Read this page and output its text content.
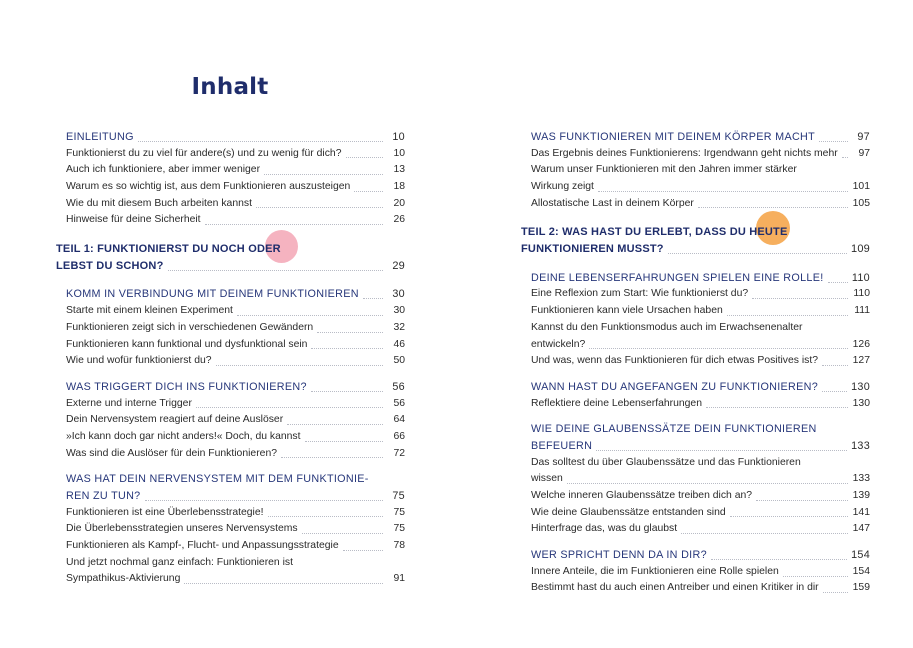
Inhalt
EINLEITUNG	10
Funktionierst du zu viel für andere(s) und zu wenig für dich?	10
Auch ich funktioniere, aber immer weniger	13
Warum es so wichtig ist, aus dem Funktionieren auszusteigen	18
Wie du mit diesem Buch arbeiten kannst	20
Hinweise für deine Sicherheit	26
TEIL 1: FUNKTIONIERST DU NOCH ODER
LEBST DU SCHON?	29
KOMM IN VERBINDUNG MIT DEINEM FUNKTIONIEREN	30
Starte mit einem kleinen Experiment	30
Funktionieren zeigt sich in verschiedenen Gewändern	32
Funktionieren kann funktional und dysfunktional sein	46
Wie und wofür funktionierst du?	50
WAS TRIGGERT DICH INS FUNKTIONIEREN?	56
Externe und interne Trigger	56
Dein Nervensystem reagiert auf deine Auslöser	64
»Ich kann doch gar nicht anders!« Doch, du kannst	66
Was sind die Auslöser für dein Funktionieren?	72
WAS HAT DEIN NERVENSYSTEM MIT DEM FUNKTIONIE-
REN ZU TUN?	75
Funktionieren ist eine Überlebensstrategie!	75
Die Überlebensstrategien unseres Nervensystems	75
Funktionieren als Kampf-, Flucht- und Anpassungsstrategie	78
Und jetzt nochmal ganz einfach: Funktionieren ist
Sympathikus-Aktivierung	91
WAS FUNKTIONIEREN MIT DEINEM KÖRPER MACHT	97
Das Ergebnis deines Funktionierens: Irgendwann geht nichts mehr	97
Warum unser Funktionieren mit den Jahren immer stärker
Wirkung zeigt	101
Allostatische Last in deinem Körper	105
TEIL 2: WAS HAST DU ERLEBT, DASS DU HEUTE
FUNKTIONIEREN MUSST?	109
DEINE LEBENSERFAHRUNGEN SPIELEN EINE ROLLE!	110
Eine Reflexion zum Start: Wie funktionierst du?	110
Funktionieren kann viele Ursachen haben	111
Kannst du den Funktionsmodus auch im Erwachsenenalter
entwickeln?	126
Und was, wenn das Funktionieren für dich etwas Positives ist?	127
WANN HAST DU ANGEFANGEN ZU FUNKTIONIEREN?	130
Reflektiere deine Lebenserfahrungen	130
WIE DEINE GLAUBENSSÄTZE DEIN FUNKTIONIEREN
BEFEUERN	133
Das solltest du über Glaubenssätze und das Funktionieren
wissen	133
Welche inneren Glaubenssätze treiben dich an?	139
Wie deine Glaubenssätze entstanden sind	141
Hinterfrage das, was du glaubst	147
WER SPRICHT DENN DA IN DIR?	154
Innere Anteile, die im Funktionieren eine Rolle spielen	154
Bestimmt hast du auch einen Antreiber und einen Kritiker in dir	159
